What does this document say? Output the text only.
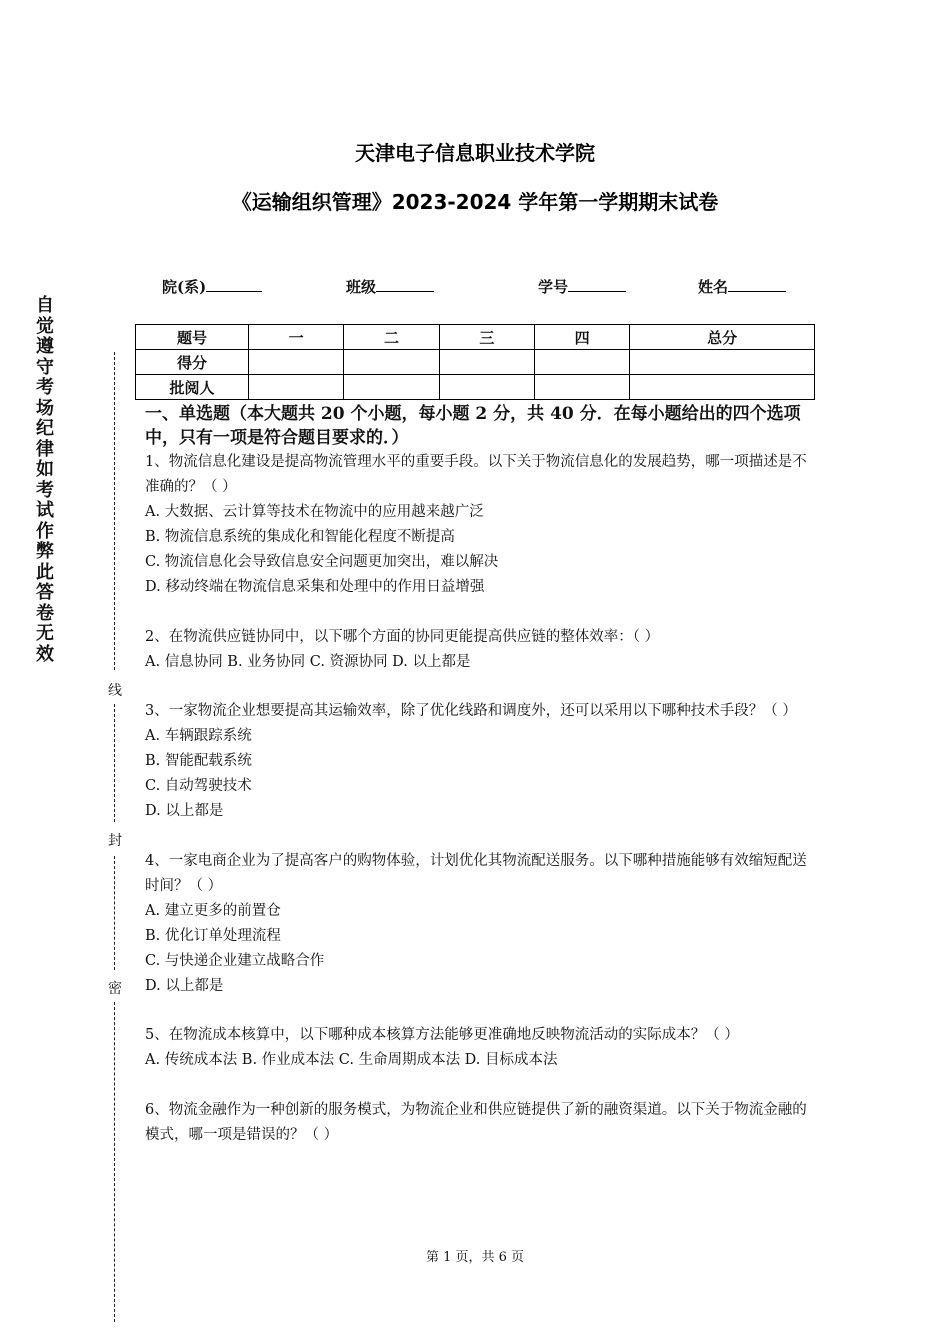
天津电子信息职业技术学院
《运输组织管理》2023-2024 学年第一学期期末试卷
院(系)	班级	学号	姓名
题号	一	二	三	四	总分
得分					
批阅人					
自
觉
遵
守
考
场
纪
律
如
考
试
作
弊
此
答
卷
无
效
线
封
密
一、单选题（本大题共 20 个小题，每小题 2 分，共 40 分．在每小题给出的四个选项中，只有一项是符合题目要求的．）

1、物流信息化建设是提高物流管理水平的重要手段。以下关于物流信息化的发展趋势，哪一项描述是不准确的？（ ）

A. 大数据、云计算等技术在物流中的应用越来越广泛

B. 物流信息系统的集成化和智能化程度不断提高

C. 物流信息化会导致信息安全问题更加突出，难以解决

D. 移动终端在物流信息采集和处理中的作用日益增强

2、在物流供应链协同中，以下哪个方面的协同更能提高供应链的整体效率：（ ）

A. 信息协同 B. 业务协同 C. 资源协同 D. 以上都是

3、一家物流企业想要提高其运输效率，除了优化线路和调度外，还可以采用以下哪种技术手段？（ ）

A. 车辆跟踪系统

B. 智能配载系统

C. 自动驾驶技术

D. 以上都是

4、一家电商企业为了提高客户的购物体验，计划优化其物流配送服务。以下哪种措施能够有效缩短配送时间？（ ）

A. 建立更多的前置仓

B. 优化订单处理流程

C. 与快递企业建立战略合作

D. 以上都是

5、在物流成本核算中，以下哪种成本核算方法能够更准确地反映物流活动的实际成本？（ ）

A. 传统成本法 B. 作业成本法 C. 生命周期成本法 D. 目标成本法

6、物流金融作为一种创新的服务模式，为物流企业和供应链提供了新的融资渠道。以下关于物流金融的模式，哪一项是错误的？（ ）

第 1 页，共 6 页
